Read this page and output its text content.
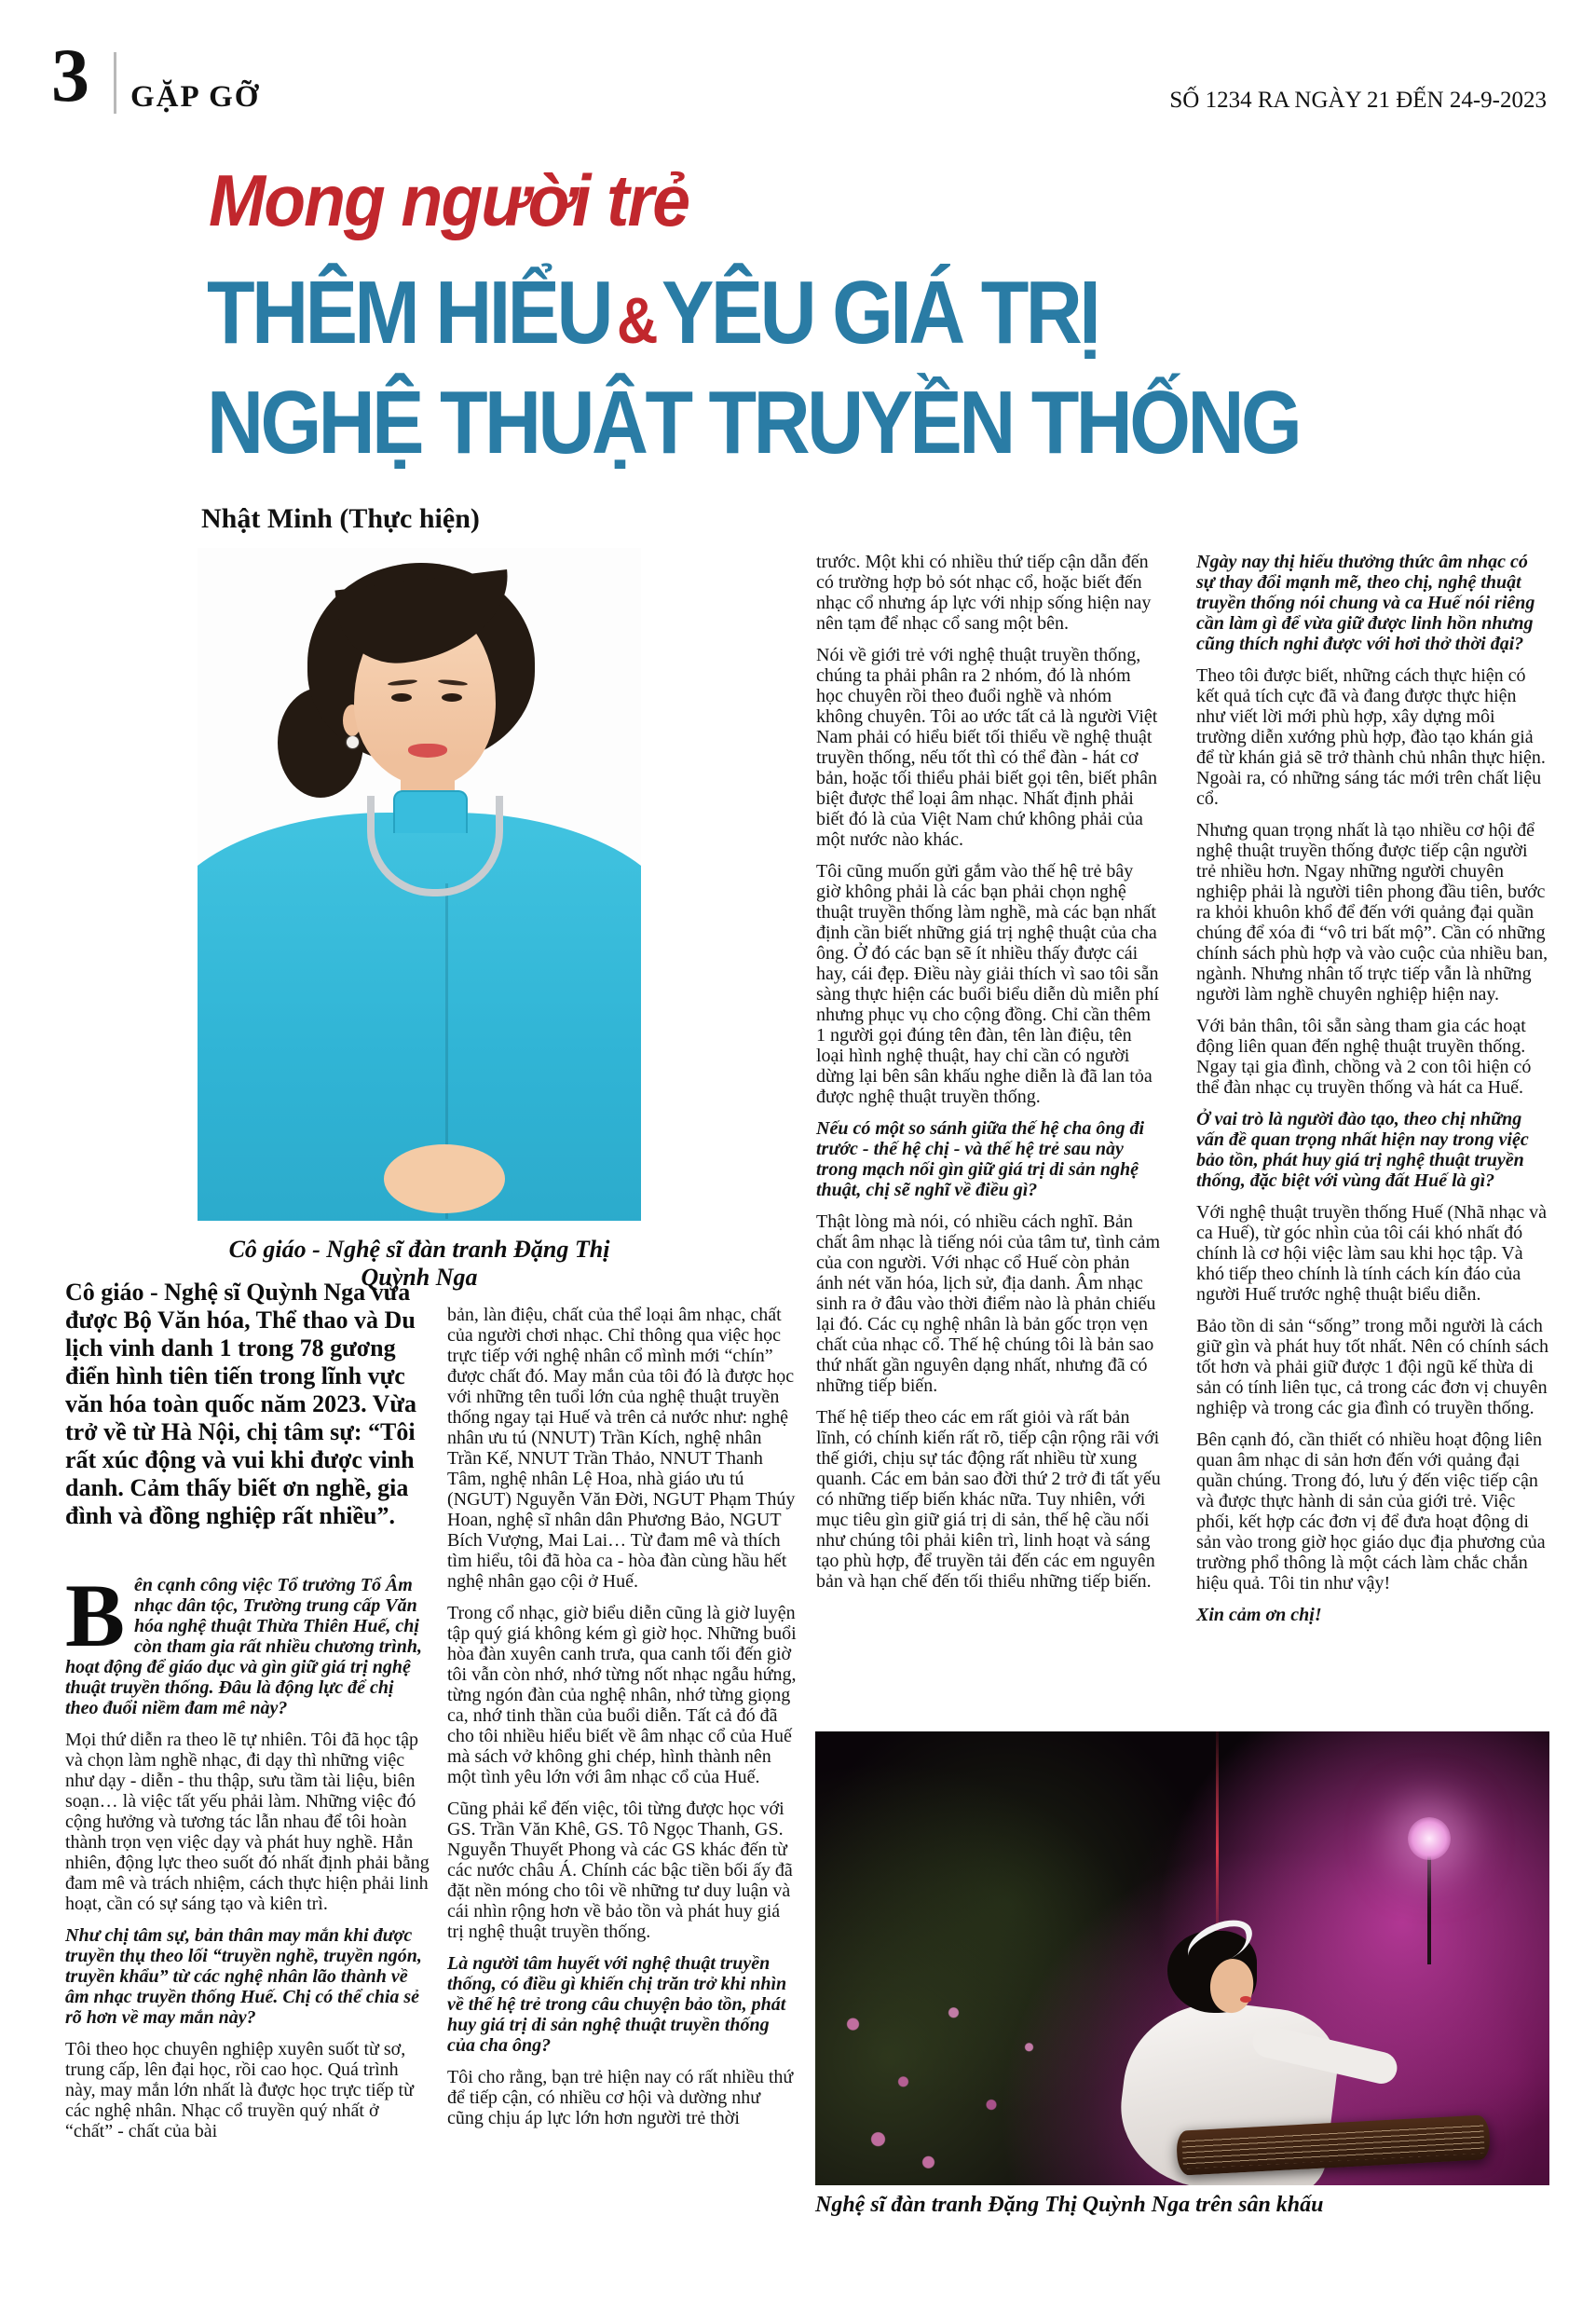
3 GẶP GỠ	SỐ 1234 RA NGÀY 21 ĐẾN 24-9-2023
Mong người trẻ
THÊM HIỂU &YÊU GIÁ TRỊ
NGHỆ THUẬT TRUYỀN THỐNG
Nhật Minh (Thực hiện)
Cô giáo - Nghệ sĩ đàn tranh Đặng Thị Quỳnh Nga
Cô giáo - Nghệ sĩ Quỳnh Nga vừa được Bộ Văn hóa, Thể thao và Du lịch vinh danh 1 trong 78 gương điển hình tiên tiến trong lĩnh vực văn hóa toàn quốc năm 2023. Vừa trở về từ Hà Nội, chị tâm sự: “Tôi rất xúc động và vui khi được vinh danh. Cảm thấy biết ơn nghề, gia đình và đồng nghiệp rất nhiều”.

Bên cạnh công việc Tổ trưởng Tổ Âm nhạc dân tộc, Trường trung cấp Văn hóa nghệ thuật Thừa Thiên Huế, chị còn tham gia rất nhiều chương trình, hoạt động để giáo dục và gìn giữ giá trị nghệ thuật truyền thống. Đâu là động lực để chị theo đuổi niềm đam mê này?

Mọi thứ diễn ra theo lẽ tự nhiên. Tôi đã học tập và chọn làm nghề nhạc, đi dạy thì những việc như dạy - diễn - thu thập, sưu tầm tài liệu, biên soạn… là việc tất yếu phải làm. Những việc đó cộng hưởng và tương tác lẫn nhau để tôi hoàn thành trọn vẹn việc dạy và phát huy nghề. Hẳn nhiên, động lực theo suốt đó nhất định phải bằng đam mê và trách nhiệm, cách thực hiện phải linh hoạt, cần có sự sáng tạo và kiên trì.

Như chị tâm sự, bản thân may mắn khi được truyền thụ theo lối “truyền nghề, truyền ngón, truyền khẩu” từ các nghệ nhân lão thành về âm nhạc truyền thống Huế. Chị có thể chia sẻ rõ hơn về may mắn này?

Tôi theo học chuyên nghiệp xuyên suốt từ sơ, trung cấp, lên đại học, rồi cao học. Quá trình này, may mắn lớn nhất là được học trực tiếp từ các nghệ nhân. Nhạc cổ truyền quý nhất ở “chất” - chất của bài

bản, làn điệu, chất của thể loại âm nhạc, chất của người chơi nhạc. Chỉ thông qua việc học trực tiếp với nghệ nhân cổ mình mới “chín” được chất đó. May mắn của tôi đó là được học với những tên tuổi lớn của nghệ thuật truyền thống ngay tại Huế và trên cả nước như: nghệ nhân ưu tú (NNUT) Trần Kích, nghệ nhân Trần Kế, NNUT Trần Thảo, NNUT Thanh Tâm, nghệ nhân Lệ Hoa, nhà giáo ưu tú (NGUT) Nguyễn Văn Đời, NGUT Phạm Thúy Hoan, nghệ sĩ nhân dân Phương Bảo, NGUT Bích Vượng, Mai Lai… Từ đam mê và thích tìm hiểu, tôi đã hòa ca - hòa đàn cùng hầu hết nghệ nhân gạo cội ở Huế.

Trong cổ nhạc, giờ biểu diễn cũng là giờ luyện tập quý giá không kém gì giờ học. Những buổi hòa đàn xuyên canh trưa, qua canh tối đến giờ tôi vẫn còn nhớ, nhớ từng nốt nhạc ngẫu hứng, từng ngón đàn của nghệ nhân, nhớ từng giọng ca, nhớ tinh thần của buổi diễn. Tất cả đó đã cho tôi nhiều hiểu biết về âm nhạc cổ của Huế mà sách vở không ghi chép, hình thành nên một tình yêu lớn với âm nhạc cổ của Huế.

Cũng phải kể đến việc, tôi từng được học với GS. Trần Văn Khê, GS. Tô Ngọc Thanh, GS. Nguyễn Thuyết Phong và các GS khác đến từ các nước châu Á. Chính các bậc tiền bối ấy đã đặt nền móng cho tôi về những tư duy luận và cái nhìn rộng hơn về bảo tồn và phát huy giá trị nghệ thuật truyền thống.

Là người tâm huyết với nghệ thuật truyền thống, có điều gì khiến chị trăn trở khi nhìn về thế hệ trẻ trong câu chuyện bảo tồn, phát huy giá trị di sản nghệ thuật truyền thống của cha ông?

Tôi cho rằng, bạn trẻ hiện nay có rất nhiều thứ để tiếp cận, có nhiều cơ hội và dường như cũng chịu áp lực lớn hơn người trẻ thời

trước. Một khi có nhiều thứ tiếp cận dẫn đến có trường hợp bỏ sót nhạc cổ, hoặc biết đến nhạc cổ nhưng áp lực với nhịp sống hiện nay nên tạm để nhạc cổ sang một bên.

Nói về giới trẻ với nghệ thuật truyền thống, chúng ta phải phân ra 2 nhóm, đó là nhóm học chuyên rồi theo đuổi nghề và nhóm không chuyên. Tôi ao ước tất cả là người Việt Nam phải có hiểu biết tối thiểu về nghệ thuật truyền thống, nếu tốt thì có thể đàn - hát cơ bản, hoặc tối thiểu phải biết gọi tên, biết phân biệt được thể loại âm nhạc. Nhất định phải biết đó là của Việt Nam chứ không phải của một nước nào khác.

Tôi cũng muốn gửi gắm vào thế hệ trẻ bây giờ không phải là các bạn phải chọn nghệ thuật truyền thống làm nghề, mà các bạn nhất định cần biết những giá trị nghệ thuật của cha ông. Ở đó các bạn sẽ ít nhiều thấy được cái hay, cái đẹp. Điều này giải thích vì sao tôi sẵn sàng thực hiện các buổi biểu diễn dù miễn phí nhưng phục vụ cho cộng đồng. Chỉ cần thêm 1 người gọi đúng tên đàn, tên làn điệu, tên loại hình nghệ thuật, hay chỉ cần có người dừng lại bên sân khấu nghe diễn là đã lan tỏa được nghệ thuật truyền thống.

Nếu có một so sánh giữa thế hệ cha ông đi trước - thế hệ chị - và thế hệ trẻ sau này trong mạch nối gìn giữ giá trị di sản nghệ thuật, chị sẽ nghĩ về điều gì?

Thật lòng mà nói, có nhiều cách nghĩ. Bản chất âm nhạc là tiếng nói của tâm tư, tình cảm của con người. Với nhạc cổ Huế còn phản ánh nét văn hóa, lịch sử, địa danh. Âm nhạc sinh ra ở đâu vào thời điểm nào là phản chiếu lại đó. Các cụ nghệ nhân là bản gốc trọn vẹn chất của nhạc cổ. Thế hệ chúng tôi là bản sao thứ nhất gần nguyên dạng nhất, nhưng đã có những tiếp biến.

Thế hệ tiếp theo các em rất giỏi và rất bản lĩnh, có chính kiến rất rõ, tiếp cận rộng rãi với thế giới, chịu sự tác động rất nhiều từ xung quanh. Các em bản sao đời thứ 2 trở đi tất yếu có những tiếp biến khác nữa. Tuy nhiên, với mục tiêu gìn giữ giá trị di sản, thế hệ cầu nối như chúng tôi phải kiên trì, linh hoạt và sáng tạo phù hợp, để truyền tải đến các em nguyên bản và hạn chế đến tối thiểu những tiếp biến.

Ngày nay thị hiếu thưởng thức âm nhạc có sự thay đổi mạnh mẽ, theo chị, nghệ thuật truyền thống nói chung và ca Huế nói riêng cần làm gì để vừa giữ được linh hồn nhưng cũng thích nghi được với hơi thở thời đại?

Theo tôi được biết, những cách thực hiện có kết quả tích cực đã và đang được thực hiện như viết lời mới phù hợp, xây dựng môi trường diễn xướng phù hợp, đào tạo khán giả để từ khán giả sẽ trở thành chủ nhân thực hiện. Ngoài ra, có những sáng tác mới trên chất liệu cổ.

Nhưng quan trọng nhất là tạo nhiều cơ hội để nghệ thuật truyền thống được tiếp cận người trẻ nhiều hơn. Ngay những người chuyên nghiệp phải là người tiên phong đầu tiên, bước ra khỏi khuôn khổ để đến với quảng đại quần chúng để xóa đi “vô tri bất mộ”. Cần có những chính sách phù hợp và vào cuộc của nhiều ban, ngành. Nhưng nhân tố trực tiếp vẫn là những người làm nghề chuyên nghiệp hiện nay.

Với bản thân, tôi sẵn sàng tham gia các hoạt động liên quan đến nghệ thuật truyền thống. Ngay tại gia đình, chồng và 2 con tôi hiện có thể đàn nhạc cụ truyền thống và hát ca Huế.

Ở vai trò là người đào tạo, theo chị những vấn đề quan trọng nhất hiện nay trong việc bảo tồn, phát huy giá trị nghệ thuật truyền thống, đặc biệt với vùng đất Huế là gì?

Với nghệ thuật truyền thống Huế (Nhã nhạc và ca Huế), từ góc nhìn của tôi cái khó nhất đó chính là cơ hội việc làm sau khi học tập. Và khó tiếp theo chính là tính cách kín đáo của người Huế trước nghệ thuật biểu diễn.

Bảo tồn di sản “sống” trong mỗi người là cách giữ gìn và phát huy tốt nhất. Nên có chính sách tốt hơn và phải giữ được 1 đội ngũ kế thừa di sản có tính liên tục, cả trong các đơn vị chuyên nghiệp và trong các gia đình có truyền thống.

Bên cạnh đó, cần thiết có nhiều hoạt động liên quan âm nhạc di sản hơn đến với quảng đại quần chúng. Trong đó, lưu ý đến việc tiếp cận và được thực hành di sản của giới trẻ. Việc phối, kết hợp các đơn vị để đưa hoạt động di sản vào trong giờ học giáo dục địa phương của trường phổ thông là một cách làm chắc chắn hiệu quả. Tôi tin như vậy!

Xin cảm ơn chị!

Nghệ sĩ đàn tranh Đặng Thị Quỳnh Nga trên sân khấu
